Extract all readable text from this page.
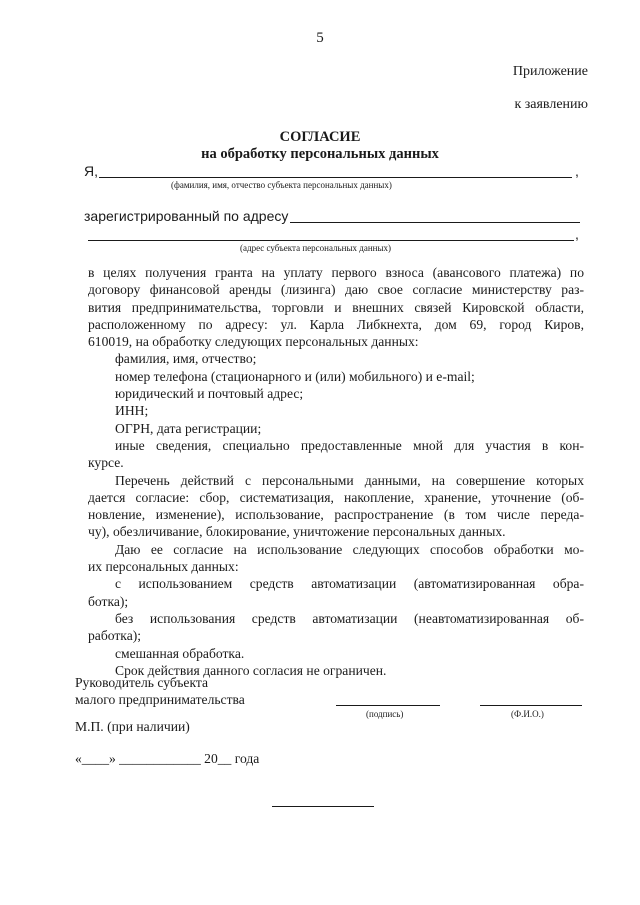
5
Приложение
к заявлению
СОГЛАСИЕ
на обработку персональных данных
Я,	,
(фамилия, имя, отчество субъекта персональных данных)
зарегистрированный по адресу
,
(адрес субъекта персональных данных)

в целях получения гранта на уплату первого взноса (авансового платежа) по

договору финансовой аренды (лизинга) даю свое согласие министерству раз-

вития предпринимательства, торговли и внешних связей Кировской области,

расположенному по адресу: ул. Карла Либкнехта, дом 69, город Киров,

610019, на обработку следующих персональных данных:

фамилия, имя, отчество;

номер телефона (стационарного и (или) мобильного) и e-mail;

юридический и почтовый адрес;

ИНН;

ОГРН, дата регистрации;

иные сведения, специально предоставленные мной для участия в кон-

курсе.

Перечень действий с персональными данными, на совершение которых

дается согласие: сбор, систематизация, накопление, хранение, уточнение (об-

новление, изменение), использование, распространение (в том числе переда-

чу), обезличивание, блокирование, уничтожение персональных данных.

Даю ее согласие на использование следующих способов обработки мо-

их персональных данных:

с использованием средств автоматизации (автоматизированная обра-

ботка);

без использования средств автоматизации (неавтоматизированная об-

работка);

смешанная обработка.

Срок действия данного согласия не ограничен.

Руководитель субъекта
малого предпринимательства
(подпись)	(Ф.И.О.)
М.П. (при наличии)
«____» ____________ 20__ года
